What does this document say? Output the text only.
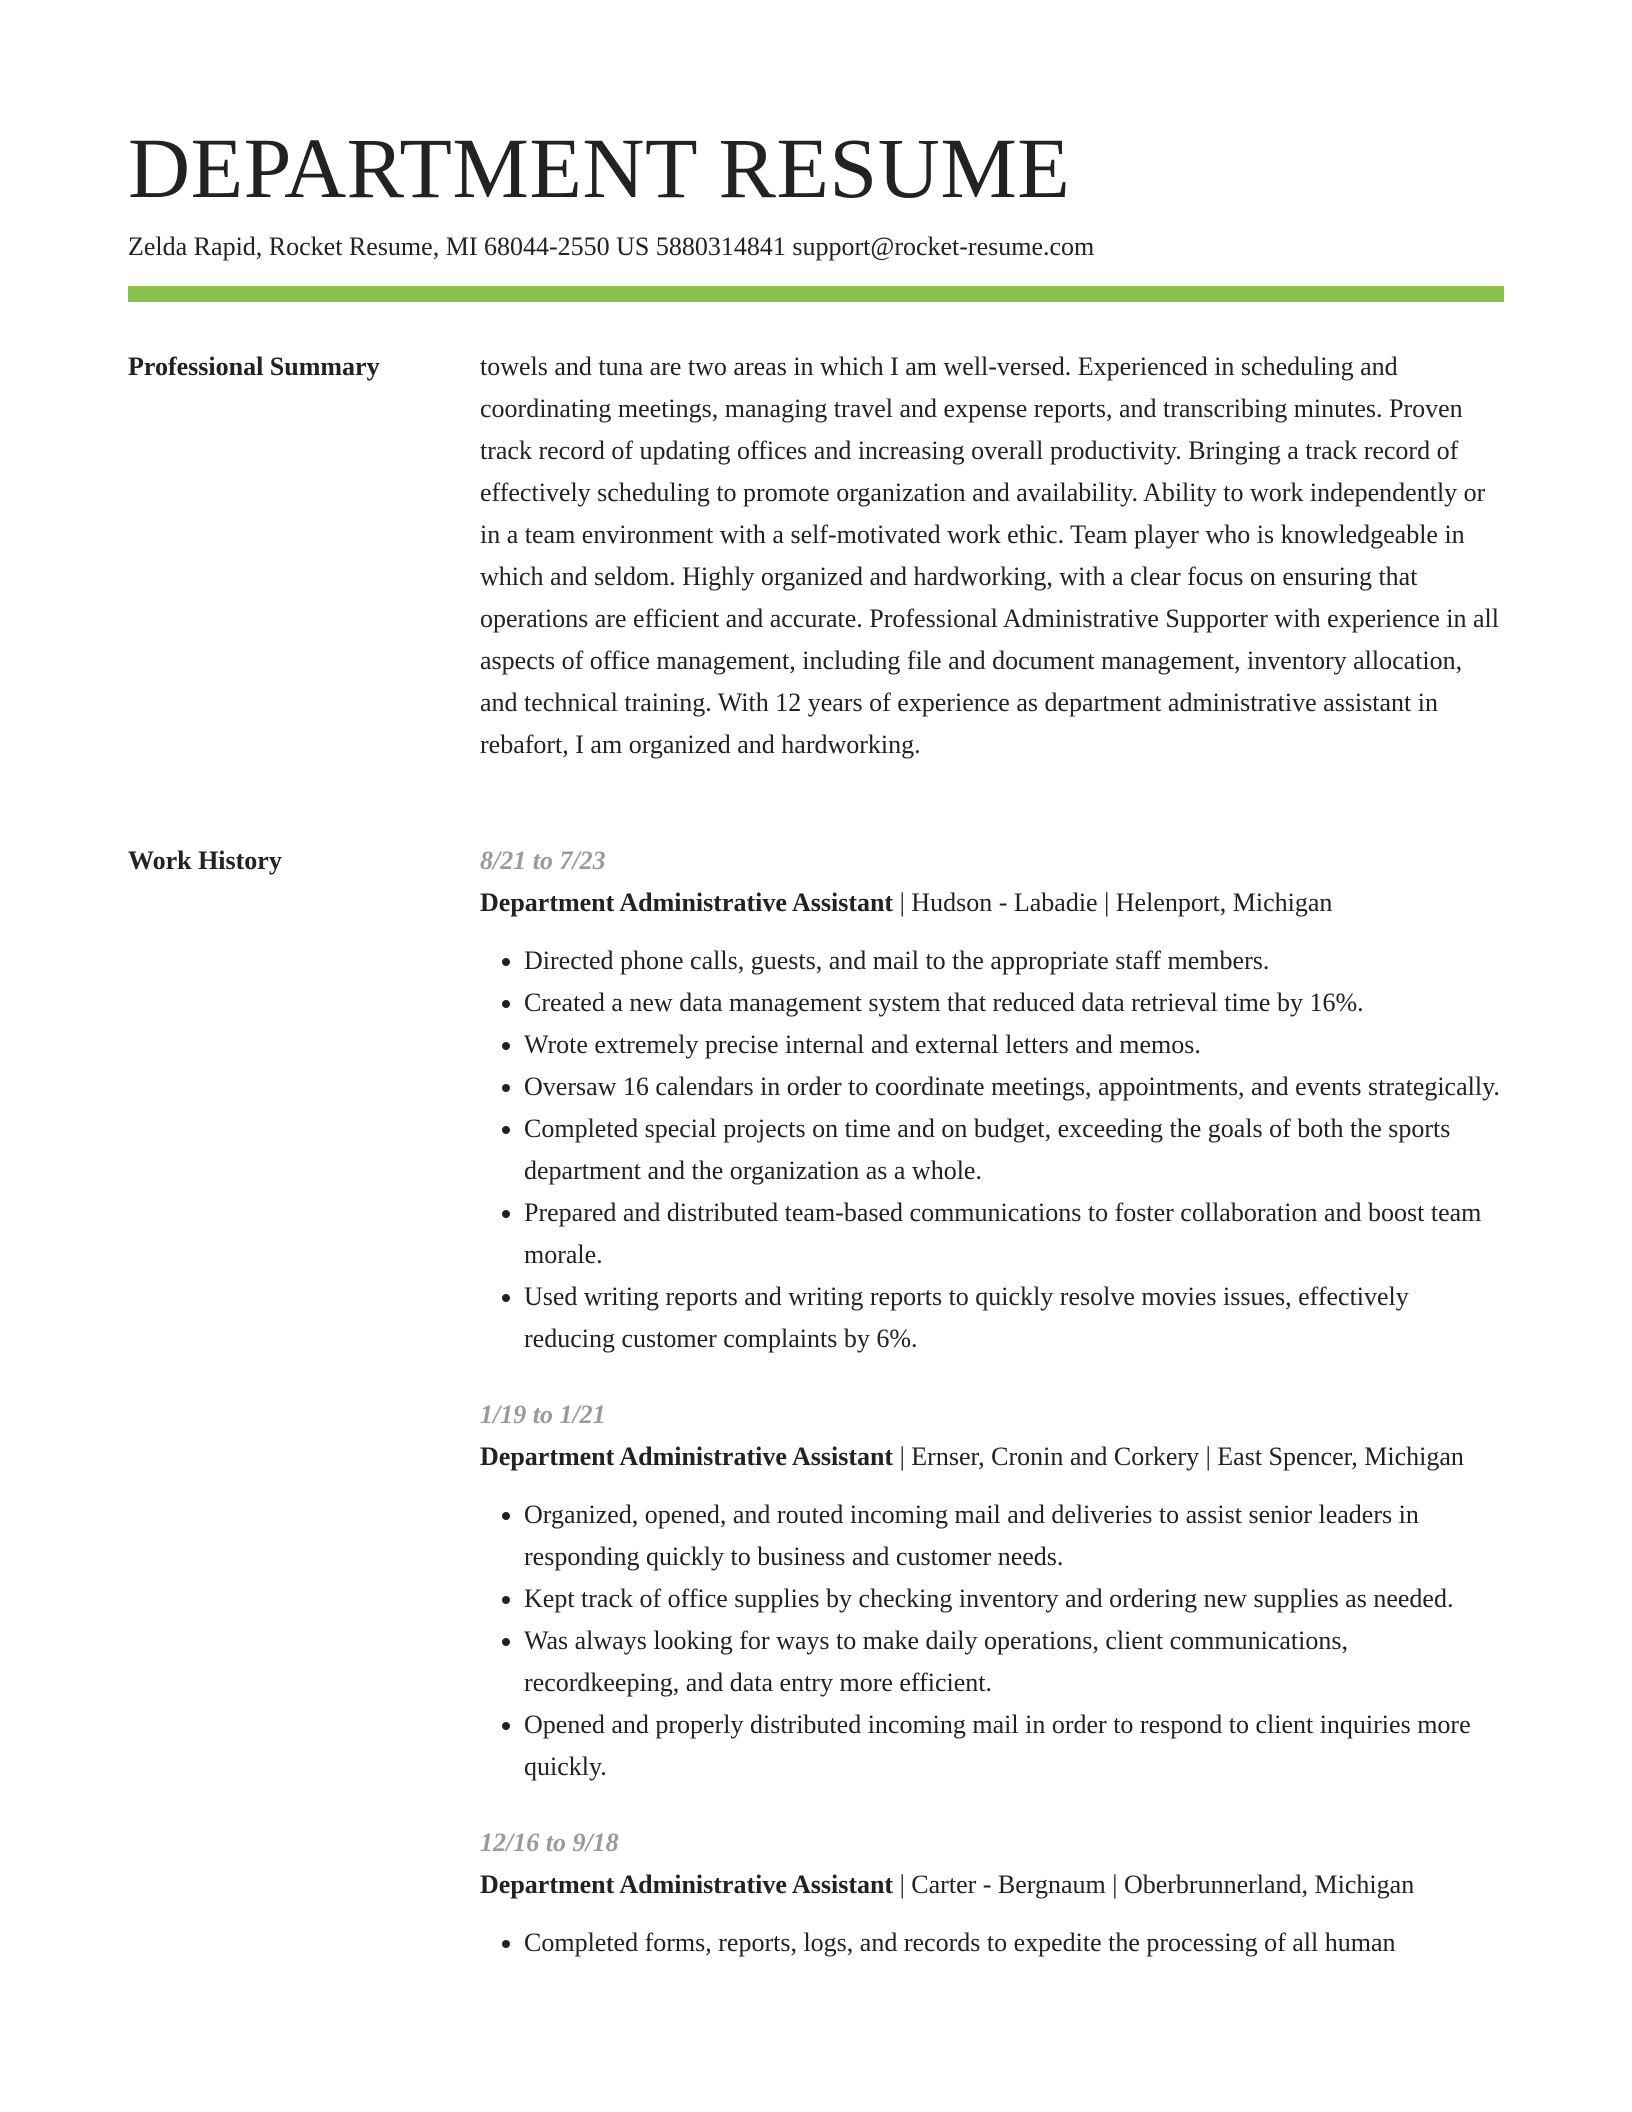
DEPARTMENT RESUME
Zelda Rapid, Rocket Resume, MI 68044-2550 US 5880314841 support@rocket-resume.com
Professional Summary	towels and tuna are two areas in which I am well-versed. Experienced in scheduling and coordinating meetings, managing travel and expense reports, and transcribing minutes. Proven track record of updating offices and increasing overall productivity. Bringing a track record of effectively scheduling to promote organization and availability. Ability to work independently or in a team environment with a self-motivated work ethic. Team player who is knowledgeable in which and seldom. Highly organized and hardworking, with a clear focus on ensuring that operations are efficient and accurate. Professional Administrative Supporter with experience in all aspects of office management, including file and document management, inventory allocation, and technical training. With 12 years of experience as department administrative assistant in rebafort, I am organized and hardworking.

Work History	8/21 to 7/23
Department Administrative Assistant | Hudson - Labadie | Helenport, Michigan
• Directed phone calls, guests, and mail to the appropriate staff members.
• Created a new data management system that reduced data retrieval time by 16%.
• Wrote extremely precise internal and external letters and memos.
• Oversaw 16 calendars in order to coordinate meetings, appointments, and events strategically.
• Completed special projects on time and on budget, exceeding the goals of both the sports department and the organization as a whole.
• Prepared and distributed team-based communications to foster collaboration and boost team morale.
• Used writing reports and writing reports to quickly resolve movies issues, effectively reducing customer complaints by 6%.
1/19 to 1/21
Department Administrative Assistant | Ernser, Cronin and Corkery | East Spencer, Michigan
• Organized, opened, and routed incoming mail and deliveries to assist senior leaders in responding quickly to business and customer needs.
• Kept track of office supplies by checking inventory and ordering new supplies as needed.
• Was always looking for ways to make daily operations, client communications, recordkeeping, and data entry more efficient.
• Opened and properly distributed incoming mail in order to respond to client inquiries more quickly.
12/16 to 9/18
Department Administrative Assistant | Carter - Bergnaum | Oberbrunnerland, Michigan
• Completed forms, reports, logs, and records to expedite the processing of all human
